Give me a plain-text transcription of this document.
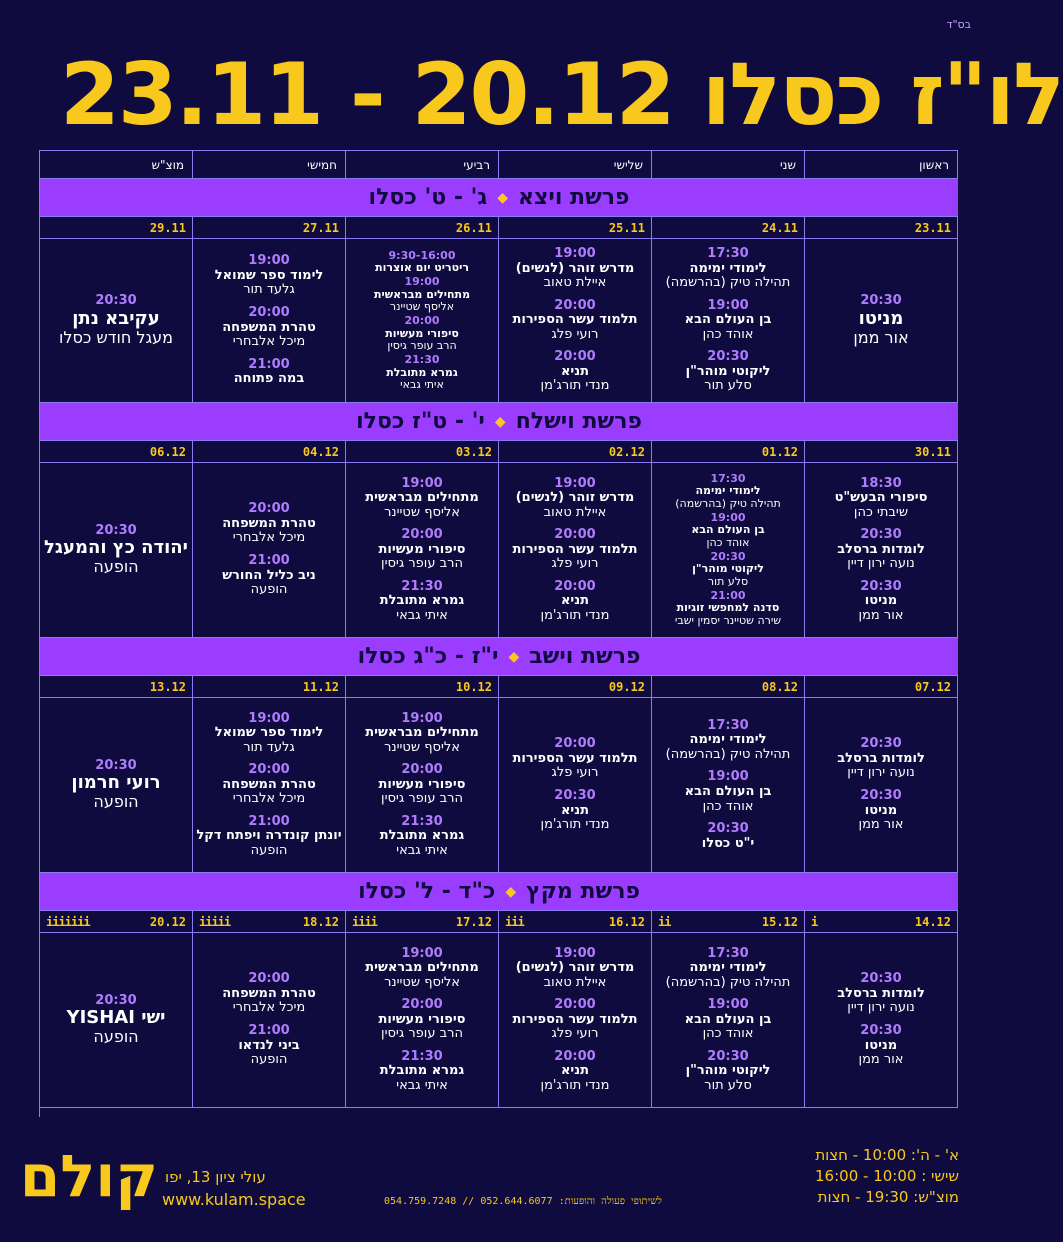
בס"ד
23.11 - 20.12 לו"ז כסלו
ראשון
שני
שלישי
רביעי
חמישי
מוצ"ש
פרשת ויצא
◆
ג' - ט' כסלו
23.11
24.11
25.11
26.11
27.11
29.11
20:30
מניטו
אור ממן
17:30
לימודי ימימה
תהילה טיק (בהרשמה)
19:00
בן העולם הבא
אוהד כהן
20:30
ליקוטי מוהר"ן
סלע תור
19:00
מדרש זוהר (לנשים)
איילת טאוב
20:00
תלמוד עשר הספירות
רועי פלג
20:00
תניא
מנדי תורג'מן
9:30-16:00
ריטריט יום אוצרות
19:00
מתחילים מבראשית
אליסף שטיינר
20:00
סיפורי מעשיות
הרב עופר גיסין
21:30
גמרא מתובלת
איתי גבאי
19:00
לימוד ספר שמואל
גלעד תור
20:00
טהרת המשפחה
מיכל אלבחרי
21:00
במה פתוחה
20:30
עקיבא נתן
מעגל חודש כסלו
פרשת וישלח
◆
י' - ט"ז כסלו
30.11
01.12
02.12
03.12
04.12
06.12
18:30
סיפורי הבעש"ט
שיבתי כהן
20:30
לומדות ברסלב
נועה ירון דיין
20:30
מניטו
אור ממן
17:30
לימודי ימימה
תהילה טיק (בהרשמה)
19:00
בן העולם הבא
אוהד כהן
20:30
ליקוטי מוהר"ן
סלע תור
21:00
סדנה למחפשי זוגיות
שירה שטיינר יסמין ישבי
19:00
מדרש זוהר (לנשים)
איילת טאוב
20:00
תלמוד עשר הספירות
רועי פלג
20:00
תניא
מנדי תורג'מן
19:00
מתחילים מבראשית
אליסף שטיינר
20:00
סיפורי מעשיות
הרב עופר גיסין
21:30
גמרא מתובלת
איתי גבאי
20:00
טהרת המשפחה
מיכל אלבחרי
21:00
ניב כליל החורש
הופעה
20:30
יהודה כץ והמעגל
הופעה
פרשת וישב
◆
י"ז - כ"ג כסלו
07.12
08.12
09.12
10.12
11.12
13.12
20:30
לומדות ברסלב
נועה ירון דיין
20:30
מניטו
אור ממן
17:30
לימודי ימימה
תהילה טיק (בהרשמה)
19:00
בן העולם הבא
אוהד כהן
20:30
י"ט כסלו
20:00
תלמוד עשר הספירות
רועי פלג
20:30
תניא
מנדי תורג'מן
19:00
מתחילים מבראשית
אליסף שטיינר
20:00
סיפורי מעשיות
הרב עופר גיסין
21:30
גמרא מתובלת
איתי גבאי
19:00
לימוד ספר שמואל
גלעד תור
20:00
טהרת המשפחה
מיכל אלבחרי
21:00
יונתן קונדרה ויפתח דקל
הופעה
20:30
רועי חרמון
הופעה
פרשת מקץ
◆
כ"ד - ל' כסלו
14.12
i
15.12
ii
16.12
iii
17.12
iiii
18.12
iiiii
20.12
iiiiiii
20:30
לומדות ברסלב
נועה ירון דיין
20:30
מניטו
אור ממן
17:30
לימודי ימימה
תהילה טיק (בהרשמה)
19:00
בן העולם הבא
אוהד כהן
20:30
ליקוטי מוהר"ן
סלע תור
19:00
מדרש זוהר (לנשים)
איילת טאוב
20:00
תלמוד עשר הספירות
רועי פלג
20:00
תניא
מנדי תורג'מן
19:00
מתחילים מבראשית
אליסף שטיינר
20:00
סיפורי מעשיות
הרב עופר גיסין
21:30
גמרא מתובלת
איתי גבאי
20:00
טהרת המשפחה
מיכל אלבחרי
21:00
ביני לנדאו
הופעה
20:30
ישי YISHAI
הופעה
קולם עולי ציון 13, יפו
www.kulam.space	לשיתופי פעולה והופעות: 052.644.6077 // 054.759.7248
א' - ה': 10:00 - חצות
שישי : 10:00 - 16:00
מוצ"ש: 19:30 - חצות
